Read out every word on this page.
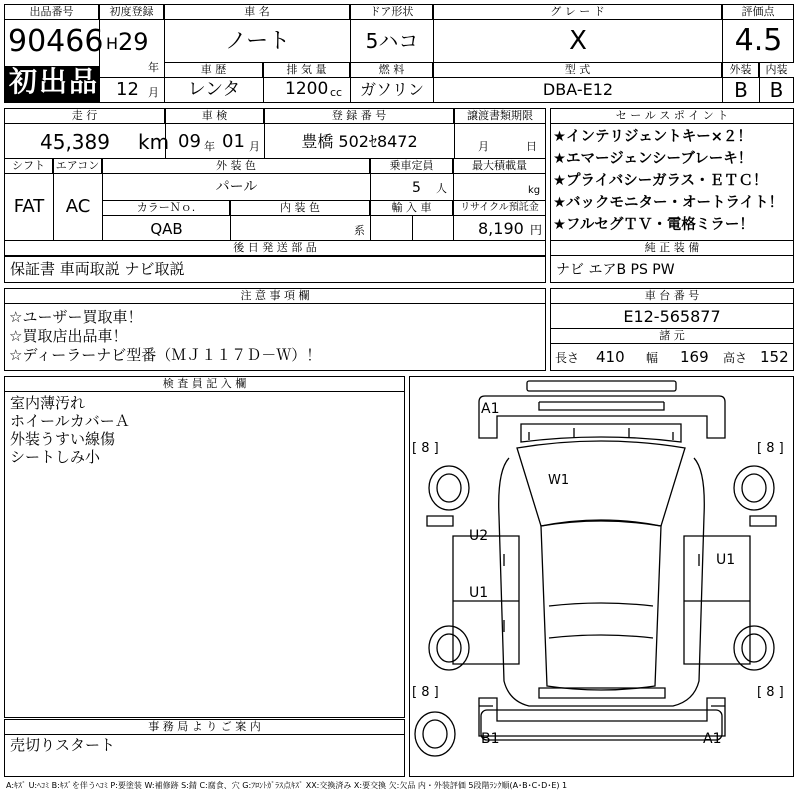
出品番号
90466
初出品
初度登録
H 29
年
12 月
車 名
ノート
ドア形状
5ハコ
グ レ ー ド
X
車 歴
レンタ
排 気 量
1200 cc
燃 料
ガソリン
型 式
DBA-E12
評価点
4.5
外装	内装
B	B
走 行
45,389 km
車 検
09 年 01 月
登 録 番 号
豊橋 502ｾ8472
譲渡書類期限
月	日
シフト
FAT
エアコン
AC
外 装 色
パール
乗車定員
5 人
最大積載量
kg
カラーＮｏ.
QAB
内 装 色
系
輸 入 車	リサイクル預託金
8,190 円
後 日 発 送 部 品
保証書 車両取説 ナビ取説
セ ー ル ス ポ イ ン ト
★インテリジェントキー×２！
★エマージェンシーブレーキ！
★プライバシーガラス・ＥＴＣ！
★バックモニター・オートライト！
★フルセグＴＶ・電格ミラー！
純 正 装 備
ナビ エアB PS PW
注 意 事 項 欄
☆ユーザー買取車！
☆買取店出品車！
☆ディーラーナビ型番（ＭＪ１１７Ｄ－Ｗ）！
車 台 番 号
E12-565877
諸 元
長さ 410 幅 169 高さ 152
検 査 員 記 入 欄
室内薄汚れ
ホイールカバーＡ
外装うすい線傷
シートしみ小
事 務 局 よ り ご 案 内
売切りスタート
A1
W1
U2
U1
U1
B1	A1
[ 8 ]	[ 8 ]
[ 8 ]	[ 8 ]
A:ｷｽﾞ U:ﾍｺﾐ B:ｷｽﾞを伴うﾍｺﾐ P:要塗装 W:補修跡 S:錆 C:腐食、穴 G:ﾌﾛﾝﾄｶﾞﾗｽ点ｷｽﾞ XX:交換済み X:要交換 欠:欠品 内・外装評価 5段階ﾗﾝｸ順(A･B･C･D･E) 1
